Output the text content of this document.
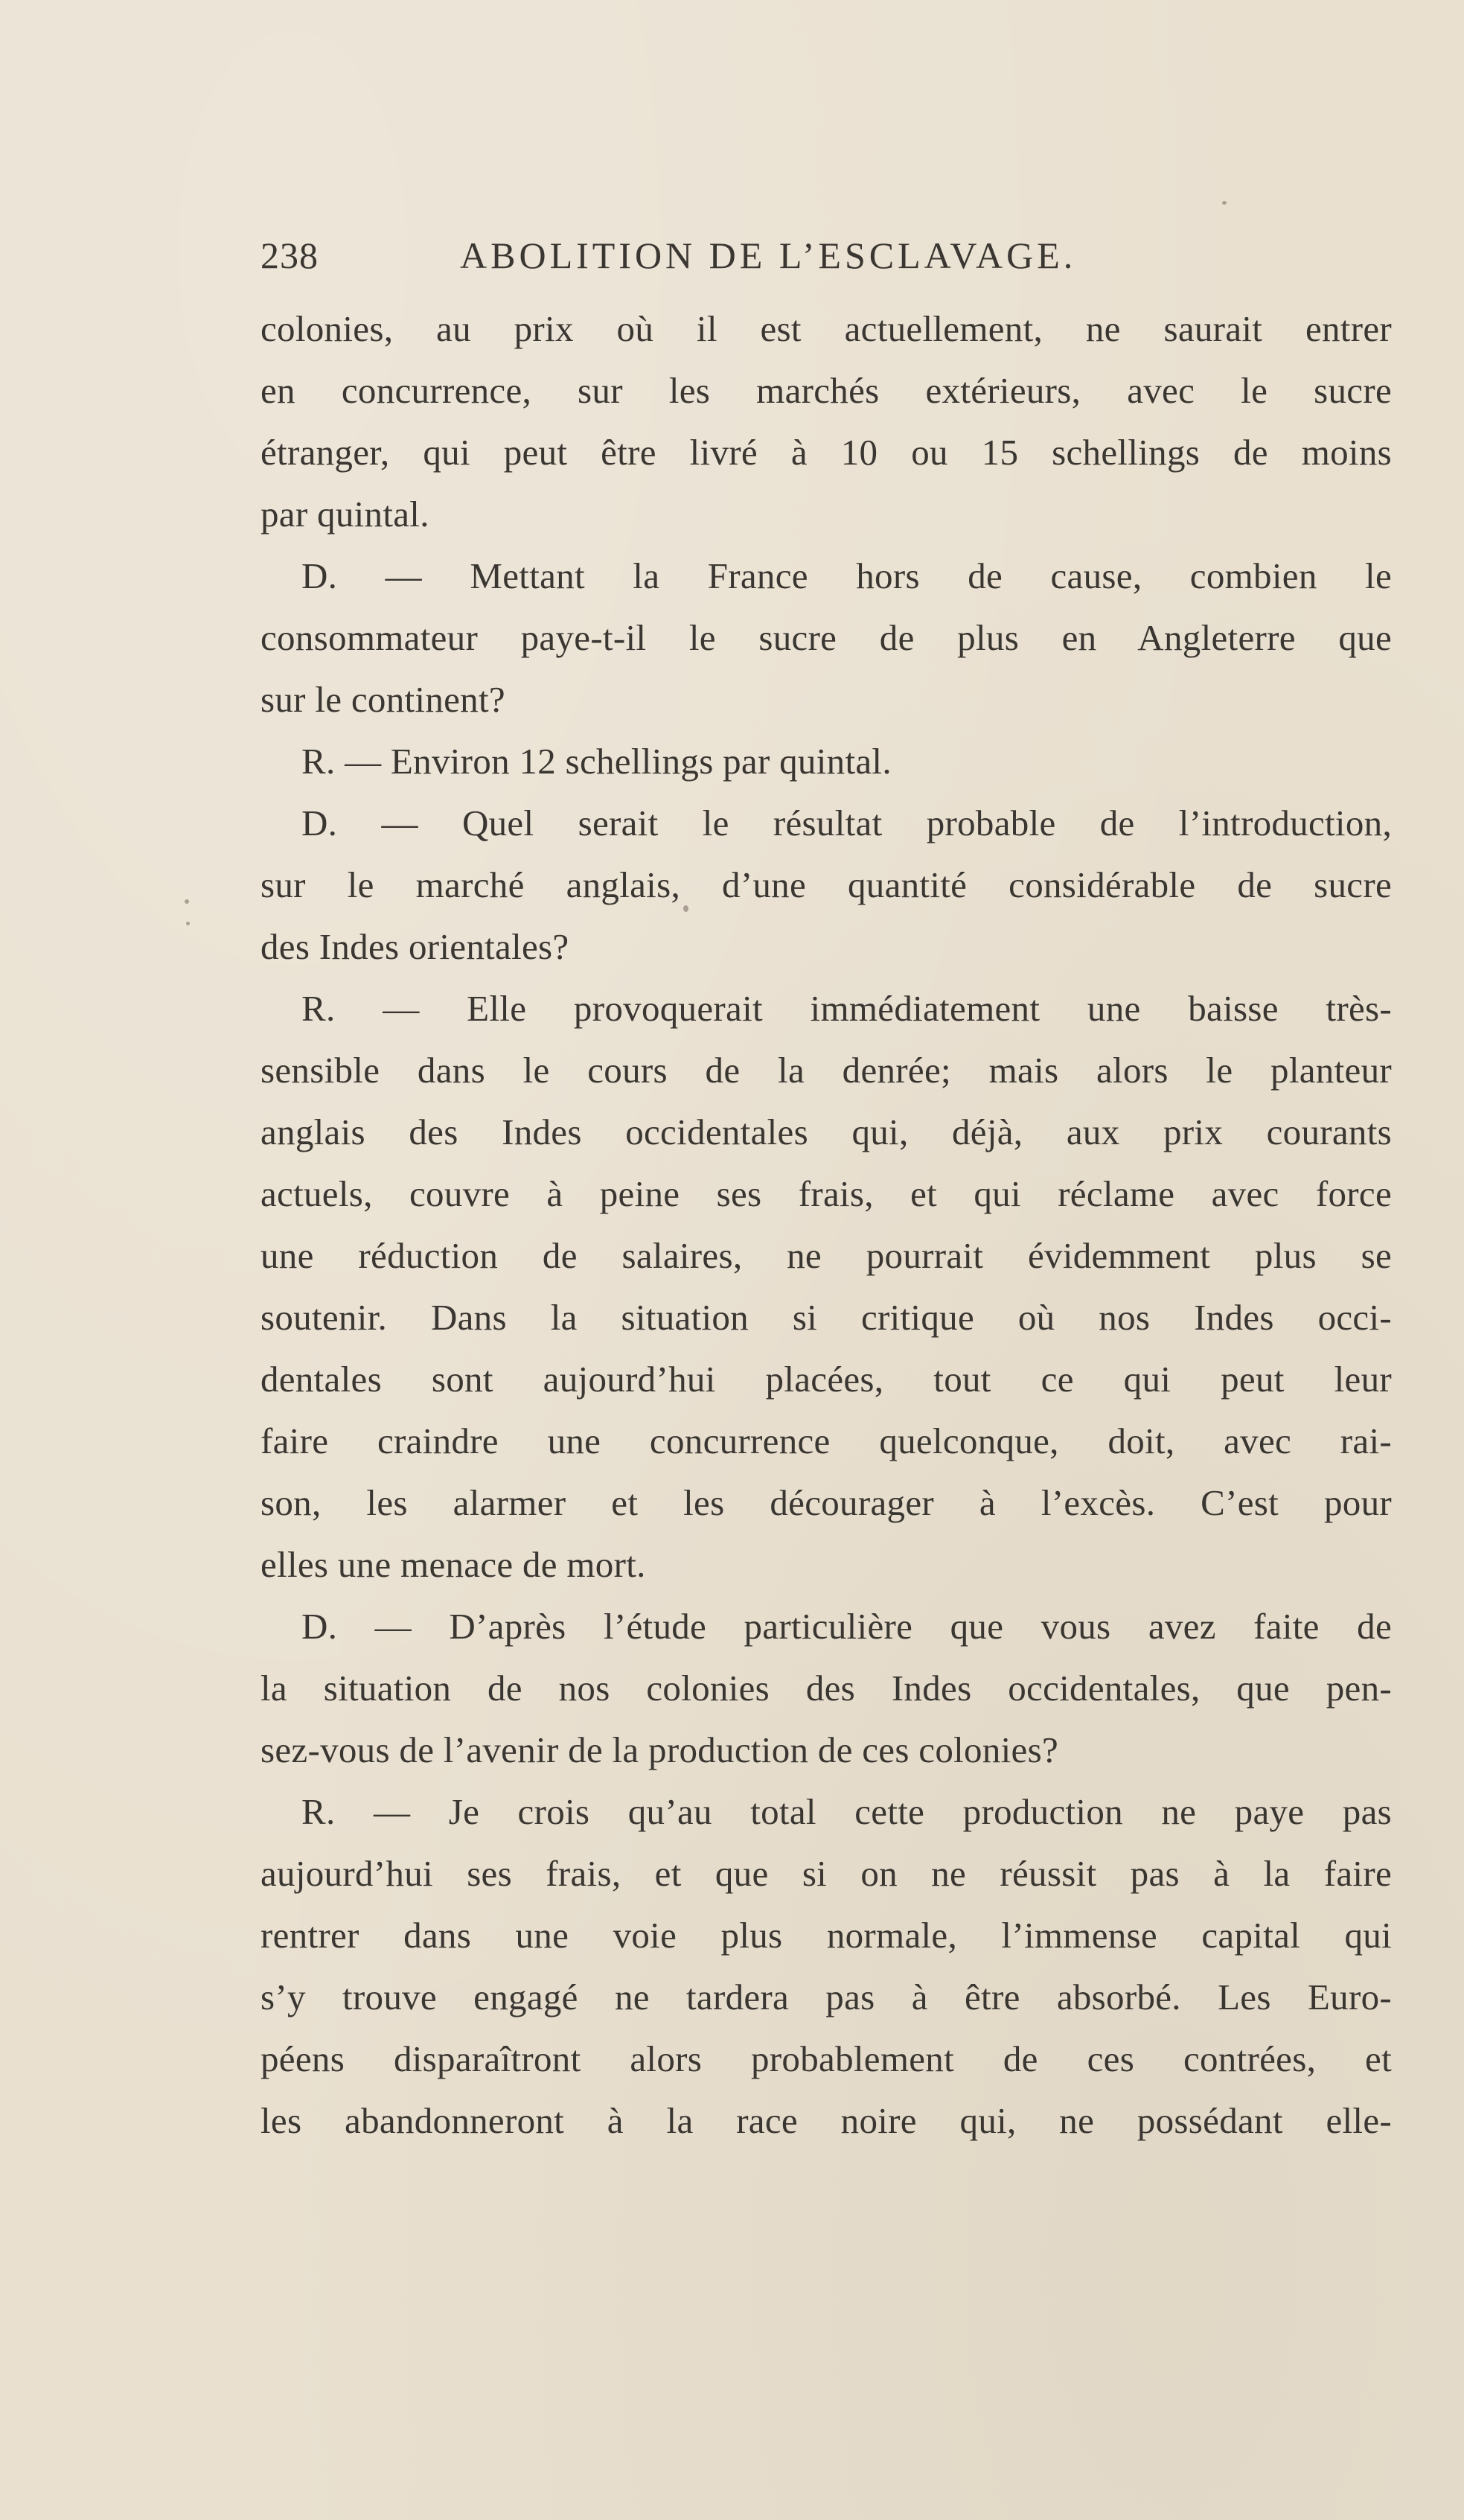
238	ABOLITION DE L’ESCLAVAGE.
colonies, au prix où il est actuellement, ne saurait entrer
en concurrence, sur les marchés extérieurs, avec le sucre
étranger, qui peut être livré à 10 ou 15 schellings de moins
par quintal.
D. — Mettant la France hors de cause, combien le
consommateur paye-t-il le sucre de plus en Angleterre que
sur le continent?
R. — Environ 12 schellings par quintal.
D. — Quel serait le résultat probable de l’introduction,
sur le marché anglais, d’une quantité considérable de sucre
des Indes orientales?
R. — Elle provoquerait immédiatement une baisse très-
sensible dans le cours de la denrée; mais alors le planteur
anglais des Indes occidentales qui, déjà, aux prix courants
actuels, couvre à peine ses frais, et qui réclame avec force
une réduction de salaires, ne pourrait évidemment plus se
soutenir. Dans la situation si critique où nos Indes occi-
dentales sont aujourd’hui placées, tout ce qui peut leur
faire craindre une concurrence quelconque, doit, avec rai-
son, les alarmer et les décourager à l’excès. C’est pour
elles une menace de mort.
D. — D’après l’étude particulière que vous avez faite de
la situation de nos colonies des Indes occidentales, que pen-
sez-vous de l’avenir de la production de ces colonies?
R. — Je crois qu’au total cette production ne paye pas
aujourd’hui ses frais, et que si on ne réussit pas à la faire
rentrer dans une voie plus normale, l’immense capital qui
s’y trouve engagé ne tardera pas à être absorbé. Les Euro-
péens disparaîtront alors probablement de ces contrées, et
les abandonneront à la race noire qui, ne possédant elle-
